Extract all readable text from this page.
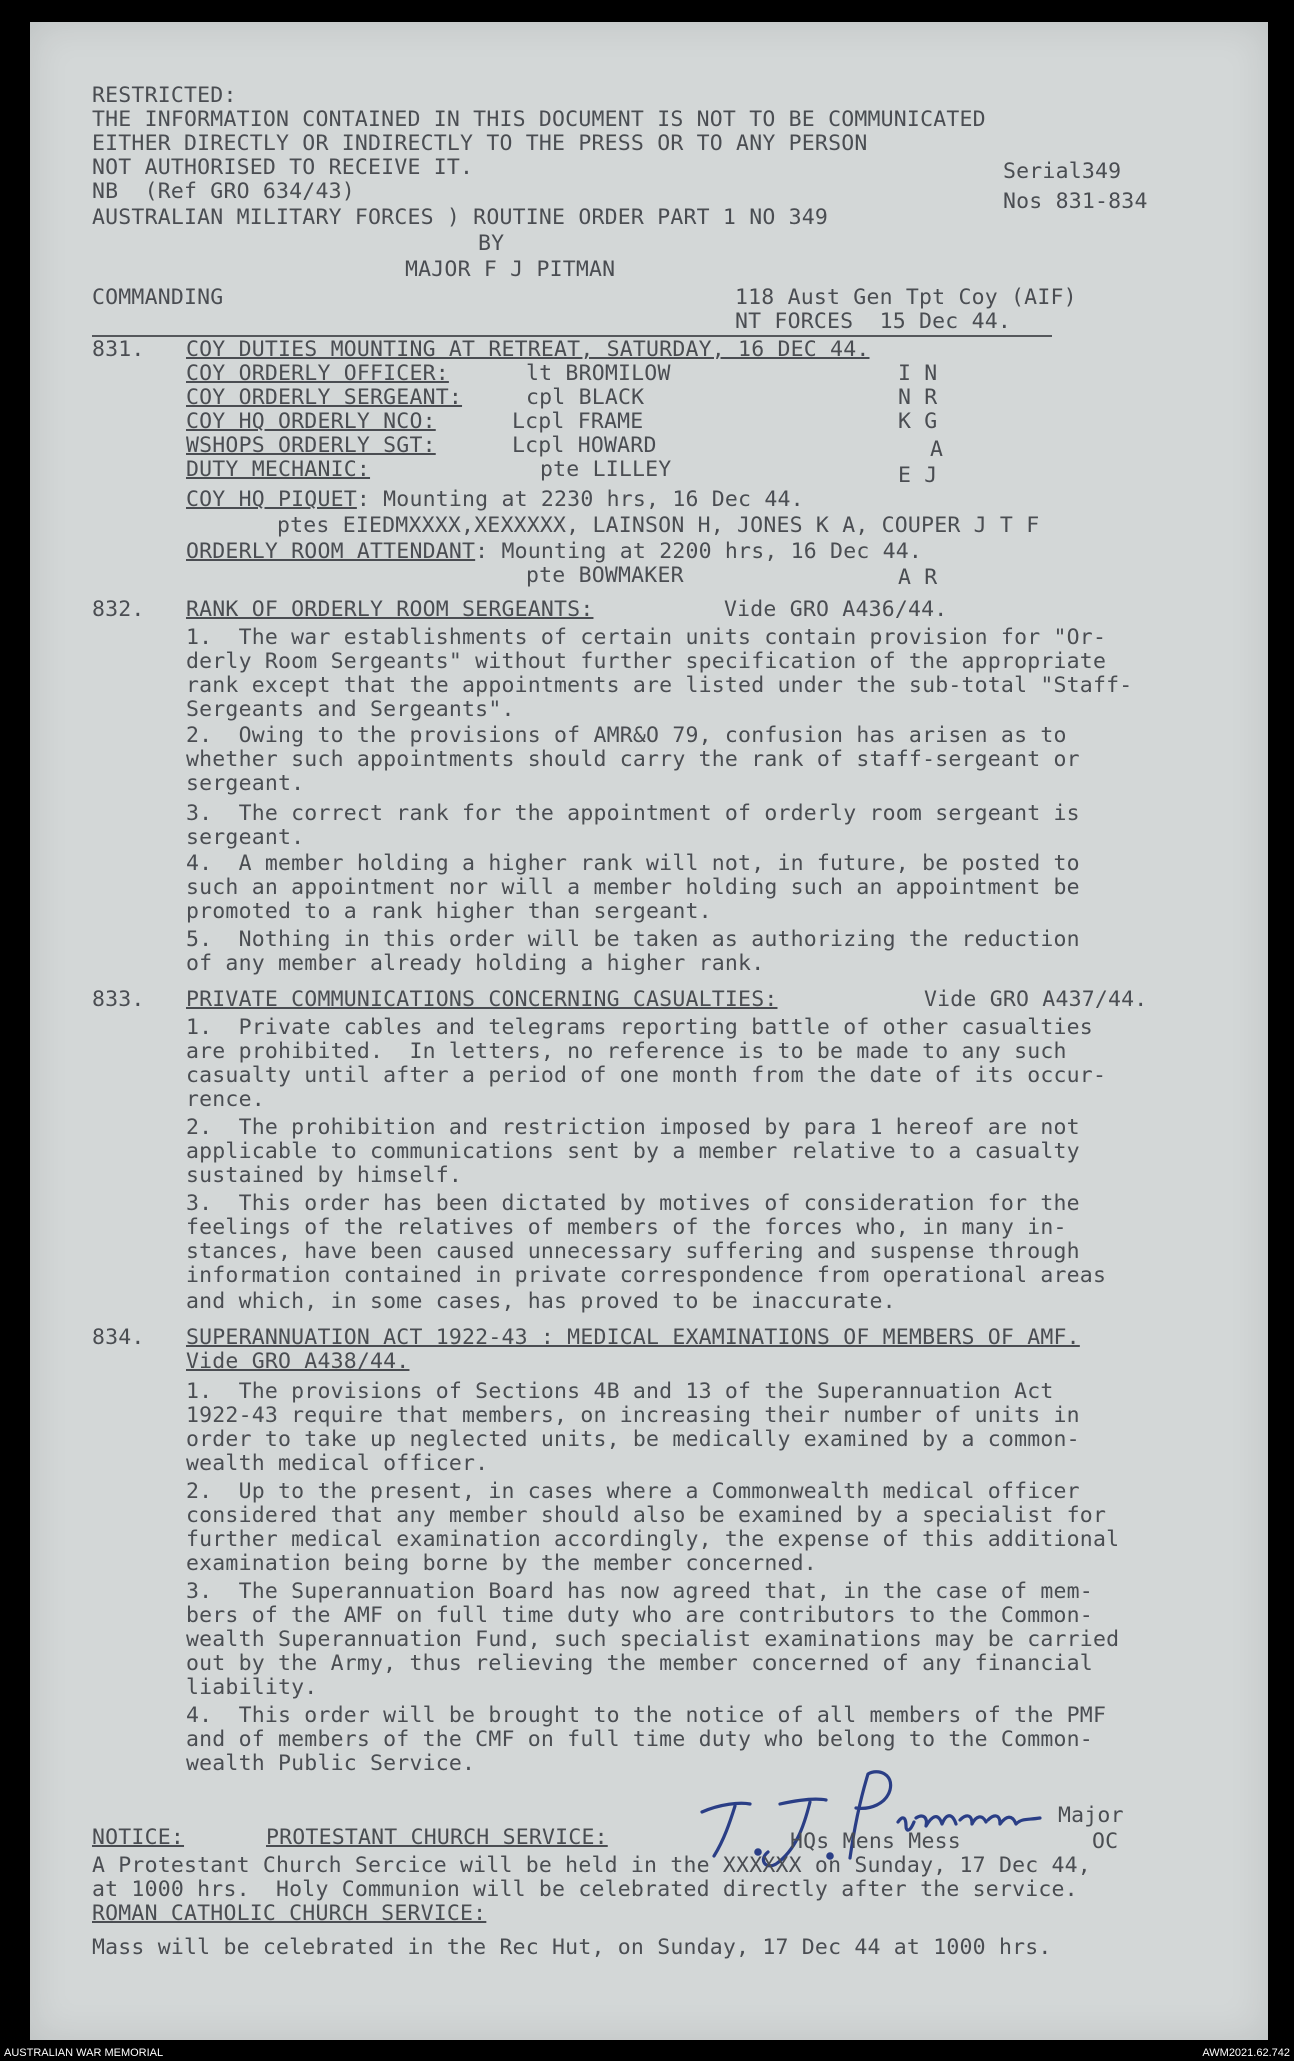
RESTRICTED:
THE INFORMATION CONTAINED IN THIS DOCUMENT IS NOT TO BE COMMUNICATED
EITHER DIRECTLY OR INDIRECTLY TO THE PRESS OR TO ANY PERSON
NOT AUTHORISED TO RECEIVE IT.	Serial349
NB  (Ref GRO 634/43)	Nos 831-834
AUSTRALIAN MILITARY FORCES ) ROUTINE ORDER PART 1 NO 349
BY
MAJOR F J PITMAN
COMMANDING	118 Aust Gen Tpt Coy (AIF)
NT FORCES  15 Dec 44.
831. COY DUTIES MOUNTING AT RETREAT, SATURDAY, 16 DEC 44.
COY ORDERLY OFFICER:	lt BROMILOW	I N
COY ORDERLY SERGEANT:	cpl BLACK	N R
COY HQ ORDERLY NCO:	Lcpl FRAME	K G
WSHOPS ORDERLY SGT:	Lcpl HOWARD	A
DUTY MECHANIC:	pte LILLEY	E J
COY HQ PIQUET: Mounting at 2230 hrs, 16 Dec 44.
ptes EIEDMXXXX,XEXXXXX, LAINSON H, JONES K A, COUPER J T F
ORDERLY ROOM ATTENDANT: Mounting at 2200 hrs, 16 Dec 44.
pte BOWMAKER	A R
832. RANK OF ORDERLY ROOM SERGEANTS:	Vide GRO A436/44.
1.  The war establishments of certain units contain provision for "Or-
derly Room Sergeants" without further specification of the appropriate
rank except that the appointments are listed under the sub-total "Staff-
Sergeants and Sergeants".
2.  Owing to the provisions of AMR&O 79, confusion has arisen as to
whether such appointments should carry the rank of staff-sergeant or
sergeant.
3.  The correct rank for the appointment of orderly room sergeant is
sergeant.
4.  A member holding a higher rank will not, in future, be posted to
such an appointment nor will a member holding such an appointment be
promoted to a rank higher than sergeant.
5.  Nothing in this order will be taken as authorizing the reduction
of any member already holding a higher rank.
833. PRIVATE COMMUNICATIONS CONCERNING CASUALTIES:	Vide GRO A437/44.
1.  Private cables and telegrams reporting battle of other casualties
are prohibited.  In letters, no reference is to be made to any such
casualty until after a period of one month from the date of its occur-
rence.
2.  The prohibition and restriction imposed by para 1 hereof are not
applicable to communications sent by a member relative to a casualty
sustained by himself.
3.  This order has been dictated by motives of consideration for the
feelings of the relatives of members of the forces who, in many in-
stances, have been caused unnecessary suffering and suspense through
information contained in private correspondence from operational areas
and which, in some cases, has proved to be inaccurate.
834. SUPERANNUATION ACT 1922-43 : MEDICAL EXAMINATIONS OF MEMBERS OF AMF.
Vide GRO A438/44.
1.  The provisions of Sections 4B and 13 of the Superannuation Act
1922-43 require that members, on increasing their number of units in
order to take up neglected units, be medically examined by a common-
wealth medical officer.
2.  Up to the present, in cases where a Commonwealth medical officer
considered that any member should also be examined by a specialist for
further medical examination accordingly, the expense of this additional
examination being borne by the member concerned.
3.  The Superannuation Board has now agreed that, in the case of mem-
bers of the AMF on full time duty who are contributors to the Common-
wealth Superannuation Fund, such specialist examinations may be carried
out by the Army, thus relieving the member concerned of any financial
liability.
4.  This order will be brought to the notice of all members of the PMF
and of members of the CMF on full time duty who belong to the Common-
wealth Public Service.
Major
OC
NOTICE:	PROTESTANT CHURCH SERVICE:	HQs Mens Mess
A Protestant Church Sercice will be held in the XXXXXX on Sunday, 17 Dec 44,
at 1000 hrs.  Holy Communion will be celebrated directly after the service.
ROMAN CATHOLIC CHURCH SERVICE:
Mass will be celebrated in the Rec Hut, on Sunday, 17 Dec 44 at 1000 hrs.
AUSTRALIAN WAR MEMORIAL	AWM2021.62.742
